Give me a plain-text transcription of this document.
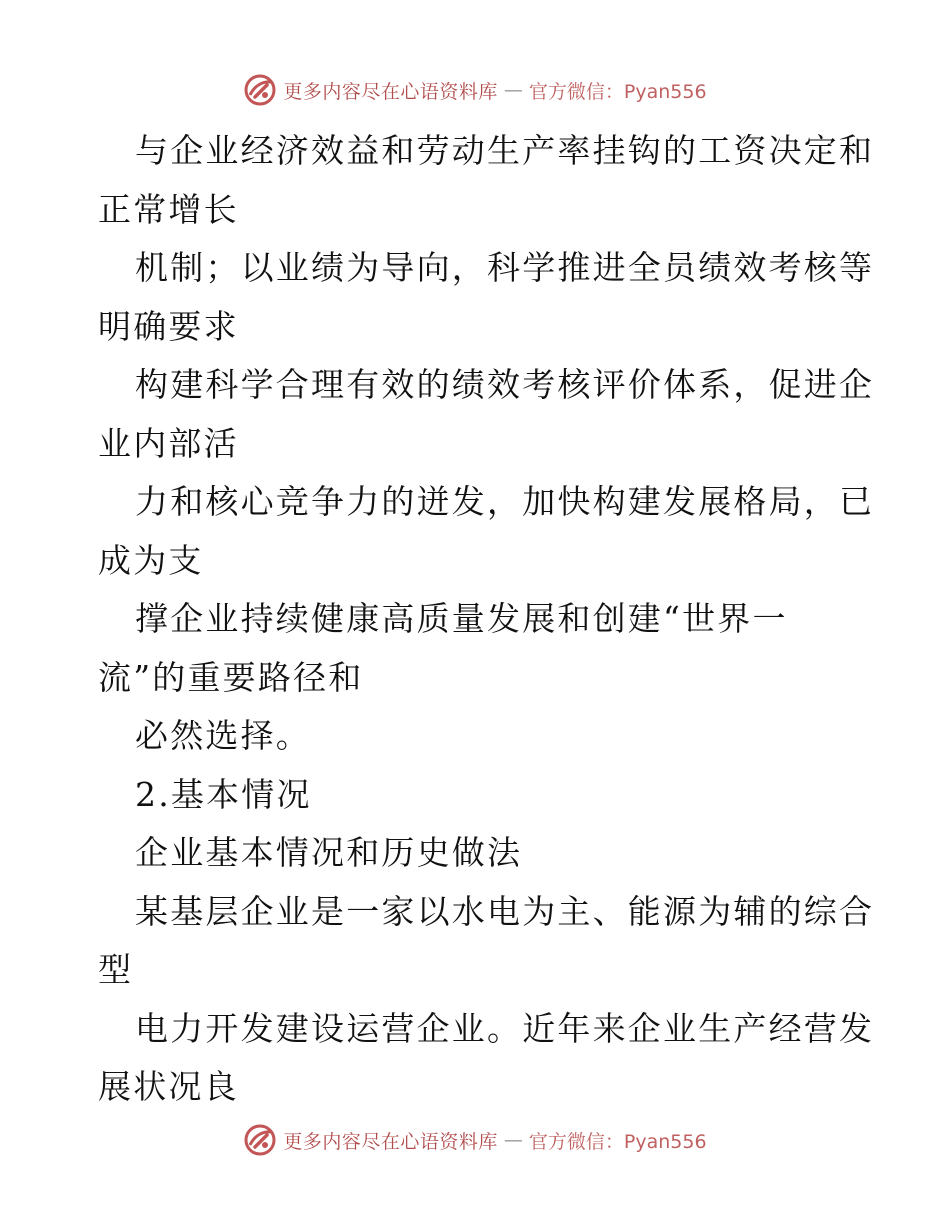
更多内容尽在心语资料库 — 官方微信：Pyan556
与企业经济效益和劳动生产率挂钩的工资决定和
正常增长
机制；以业绩为导向，科学推进全员绩效考核等
明确要求
构建科学合理有效的绩效考核评价体系，促进企
业内部活
力和核心竞争力的迸发，加快构建发展格局，已
成为支
撑企业持续健康高质量发展和创建“世界一
流”的重要路径和
必然选择。
2.基本情况
企业基本情况和历史做法
某基层企业是一家以水电为主、能源为辅的综合
型
电力开发建设运营企业。近年来企业生产经营发
展状况良
更多内容尽在心语资料库 — 官方微信：Pyan556
